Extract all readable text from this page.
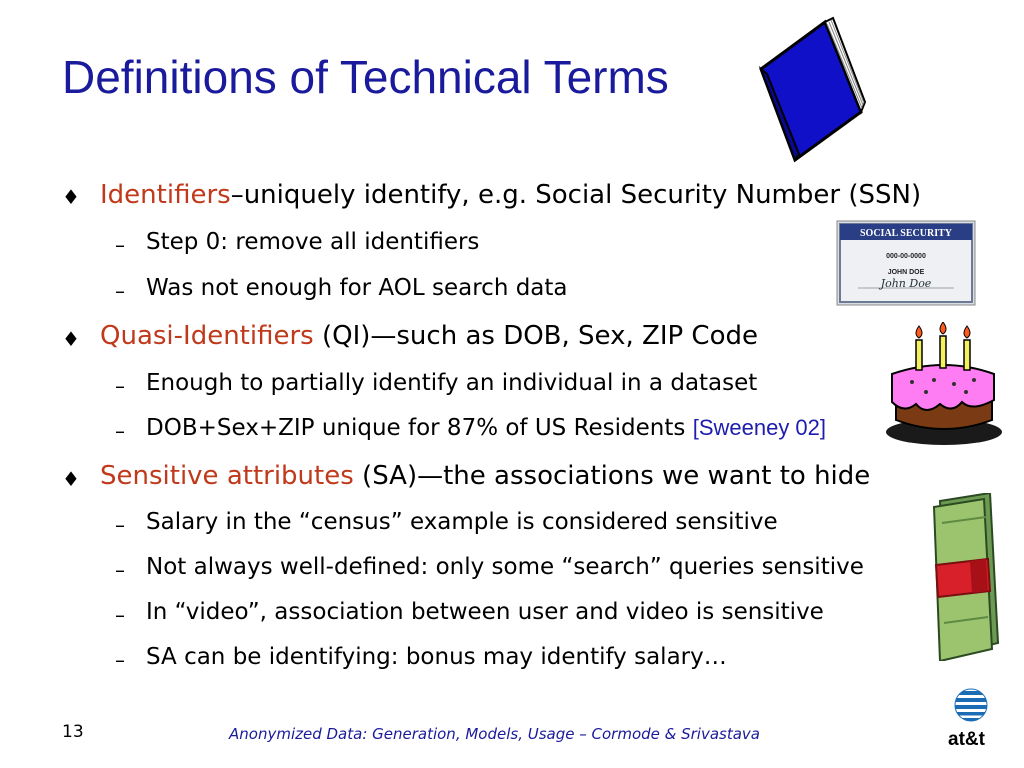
Definitions of Technical Terms
SOCIAL SECURITY
000-00-0000
JOHN DOE
John Doe
♦ Identifiers–uniquely identify, e.g. Social Security Number (SSN)
– Step 0: remove all identifiers
– Was not enough for AOL search data
♦ Quasi-Identifiers (QI)—such as DOB, Sex, ZIP Code
– Enough to partially identify an individual in a dataset
– DOB+Sex+ZIP unique for 87% of US Residents [Sweeney 02]
♦ Sensitive attributes (SA)—the associations we want to hide
– Salary in the “census” example is considered sensitive
– Not always well-defined: only some “search” queries sensitive
– In “video”, association between user and video is sensitive
– SA can be identifying: bonus may identify salary…
13	Anonymized Data: Generation, Models, Usage – Cormode & Srivastava	at&t
